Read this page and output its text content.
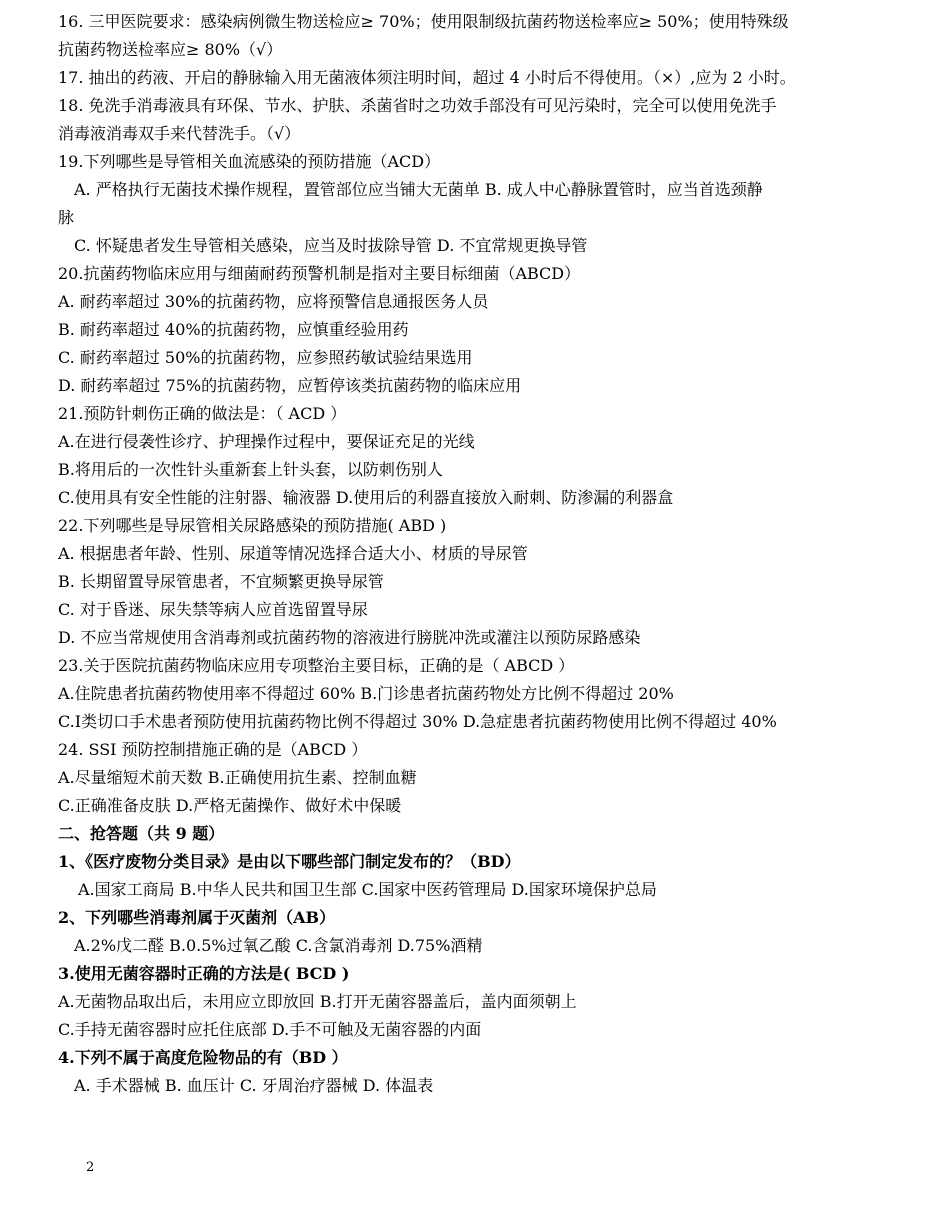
16. 三甲医院要求：感染病例微生物送检应≥ 70%；使用限制级抗菌药物送检率应≥ 50%；使用特殊级
抗菌药物送检率应≥ 80%（√）
17. 抽出的药液、开启的静脉输入用无菌液体须注明时间，超过 4 小时后不得使用。（×）,应为 2 小时。
18. 免洗手消毒液具有环保、节水、护肤、杀菌省时之功效手部没有可见污染时，完全可以使用免洗手
消毒液消毒双手来代替洗手。（√）
19.下列哪些是导管相关血流感染的预防措施（ACD）
A. 严格执行无菌技术操作规程，置管部位应当铺大无菌单 B. 成人中心静脉置管时，应当首选颈静
脉
C. 怀疑患者发生导管相关感染，应当及时拔除导管 D. 不宜常规更换导管
20.抗菌药物临床应用与细菌耐药预警机制是指对主要目标细菌（ABCD）
A. 耐药率超过 30%的抗菌药物，应将预警信息通报医务人员
B. 耐药率超过 40%的抗菌药物，应慎重经验用药
C. 耐药率超过 50%的抗菌药物，应参照药敏试验结果选用
D. 耐药率超过 75%的抗菌药物，应暂停该类抗菌药物的临床应用
21.预防针刺伤正确的做法是：（ ACD ）
A.在进行侵袭性诊疗、护理操作过程中，要保证充足的光线
B.将用后的一次性针头重新套上针头套，以防刺伤别人
C.使用具有安全性能的注射器、输液器 D.使用后的利器直接放入耐刺、防渗漏的利器盒
22.下列哪些是导尿管相关尿路感染的预防措施( ABD )
A. 根据患者年龄、性别、尿道等情况选择合适大小、材质的导尿管
B. 长期留置导尿管患者，不宜频繁更换导尿管
C. 对于昏迷、尿失禁等病人应首选留置导尿
D. 不应当常规使用含消毒剂或抗菌药物的溶液进行膀胱冲洗或灌注以预防尿路感染
23.关于医院抗菌药物临床应用专项整治主要目标，正确的是（ ABCD ）
A.住院患者抗菌药物使用率不得超过 60% B.门诊患者抗菌药物处方比例不得超过 20%
C.Ⅰ类切口手术患者预防使用抗菌药物比例不得超过 30% D.急症患者抗菌药物使用比例不得超过 40%
24. SSI 预防控制措施正确的是（ABCD ）
A.尽量缩短术前天数 B.正确使用抗生素、控制血糖
C.正确准备皮肤 D.严格无菌操作、做好术中保暖
二、抢答题（共 9 题）
1、《医疗废物分类目录》是由以下哪些部门制定发布的？（BD）
A.国家工商局 B.中华人民共和国卫生部 C.国家中医药管理局 D.国家环境保护总局
2、下列哪些消毒剂属于灭菌剂（AB）
A.2%戊二醛 B.0.5%过氧乙酸 C.含氯消毒剂 D.75%酒精
3.使用无菌容器时正确的方法是( BCD )
A.无菌物品取出后，未用应立即放回 B.打开无菌容器盖后，盖内面须朝上
C.手持无菌容器时应托住底部 D.手不可触及无菌容器的内面
4.下列不属于高度危险物品的有（BD ）
A. 手术器械 B. 血压计 C. 牙周治疗器械 D. 体温表
2
